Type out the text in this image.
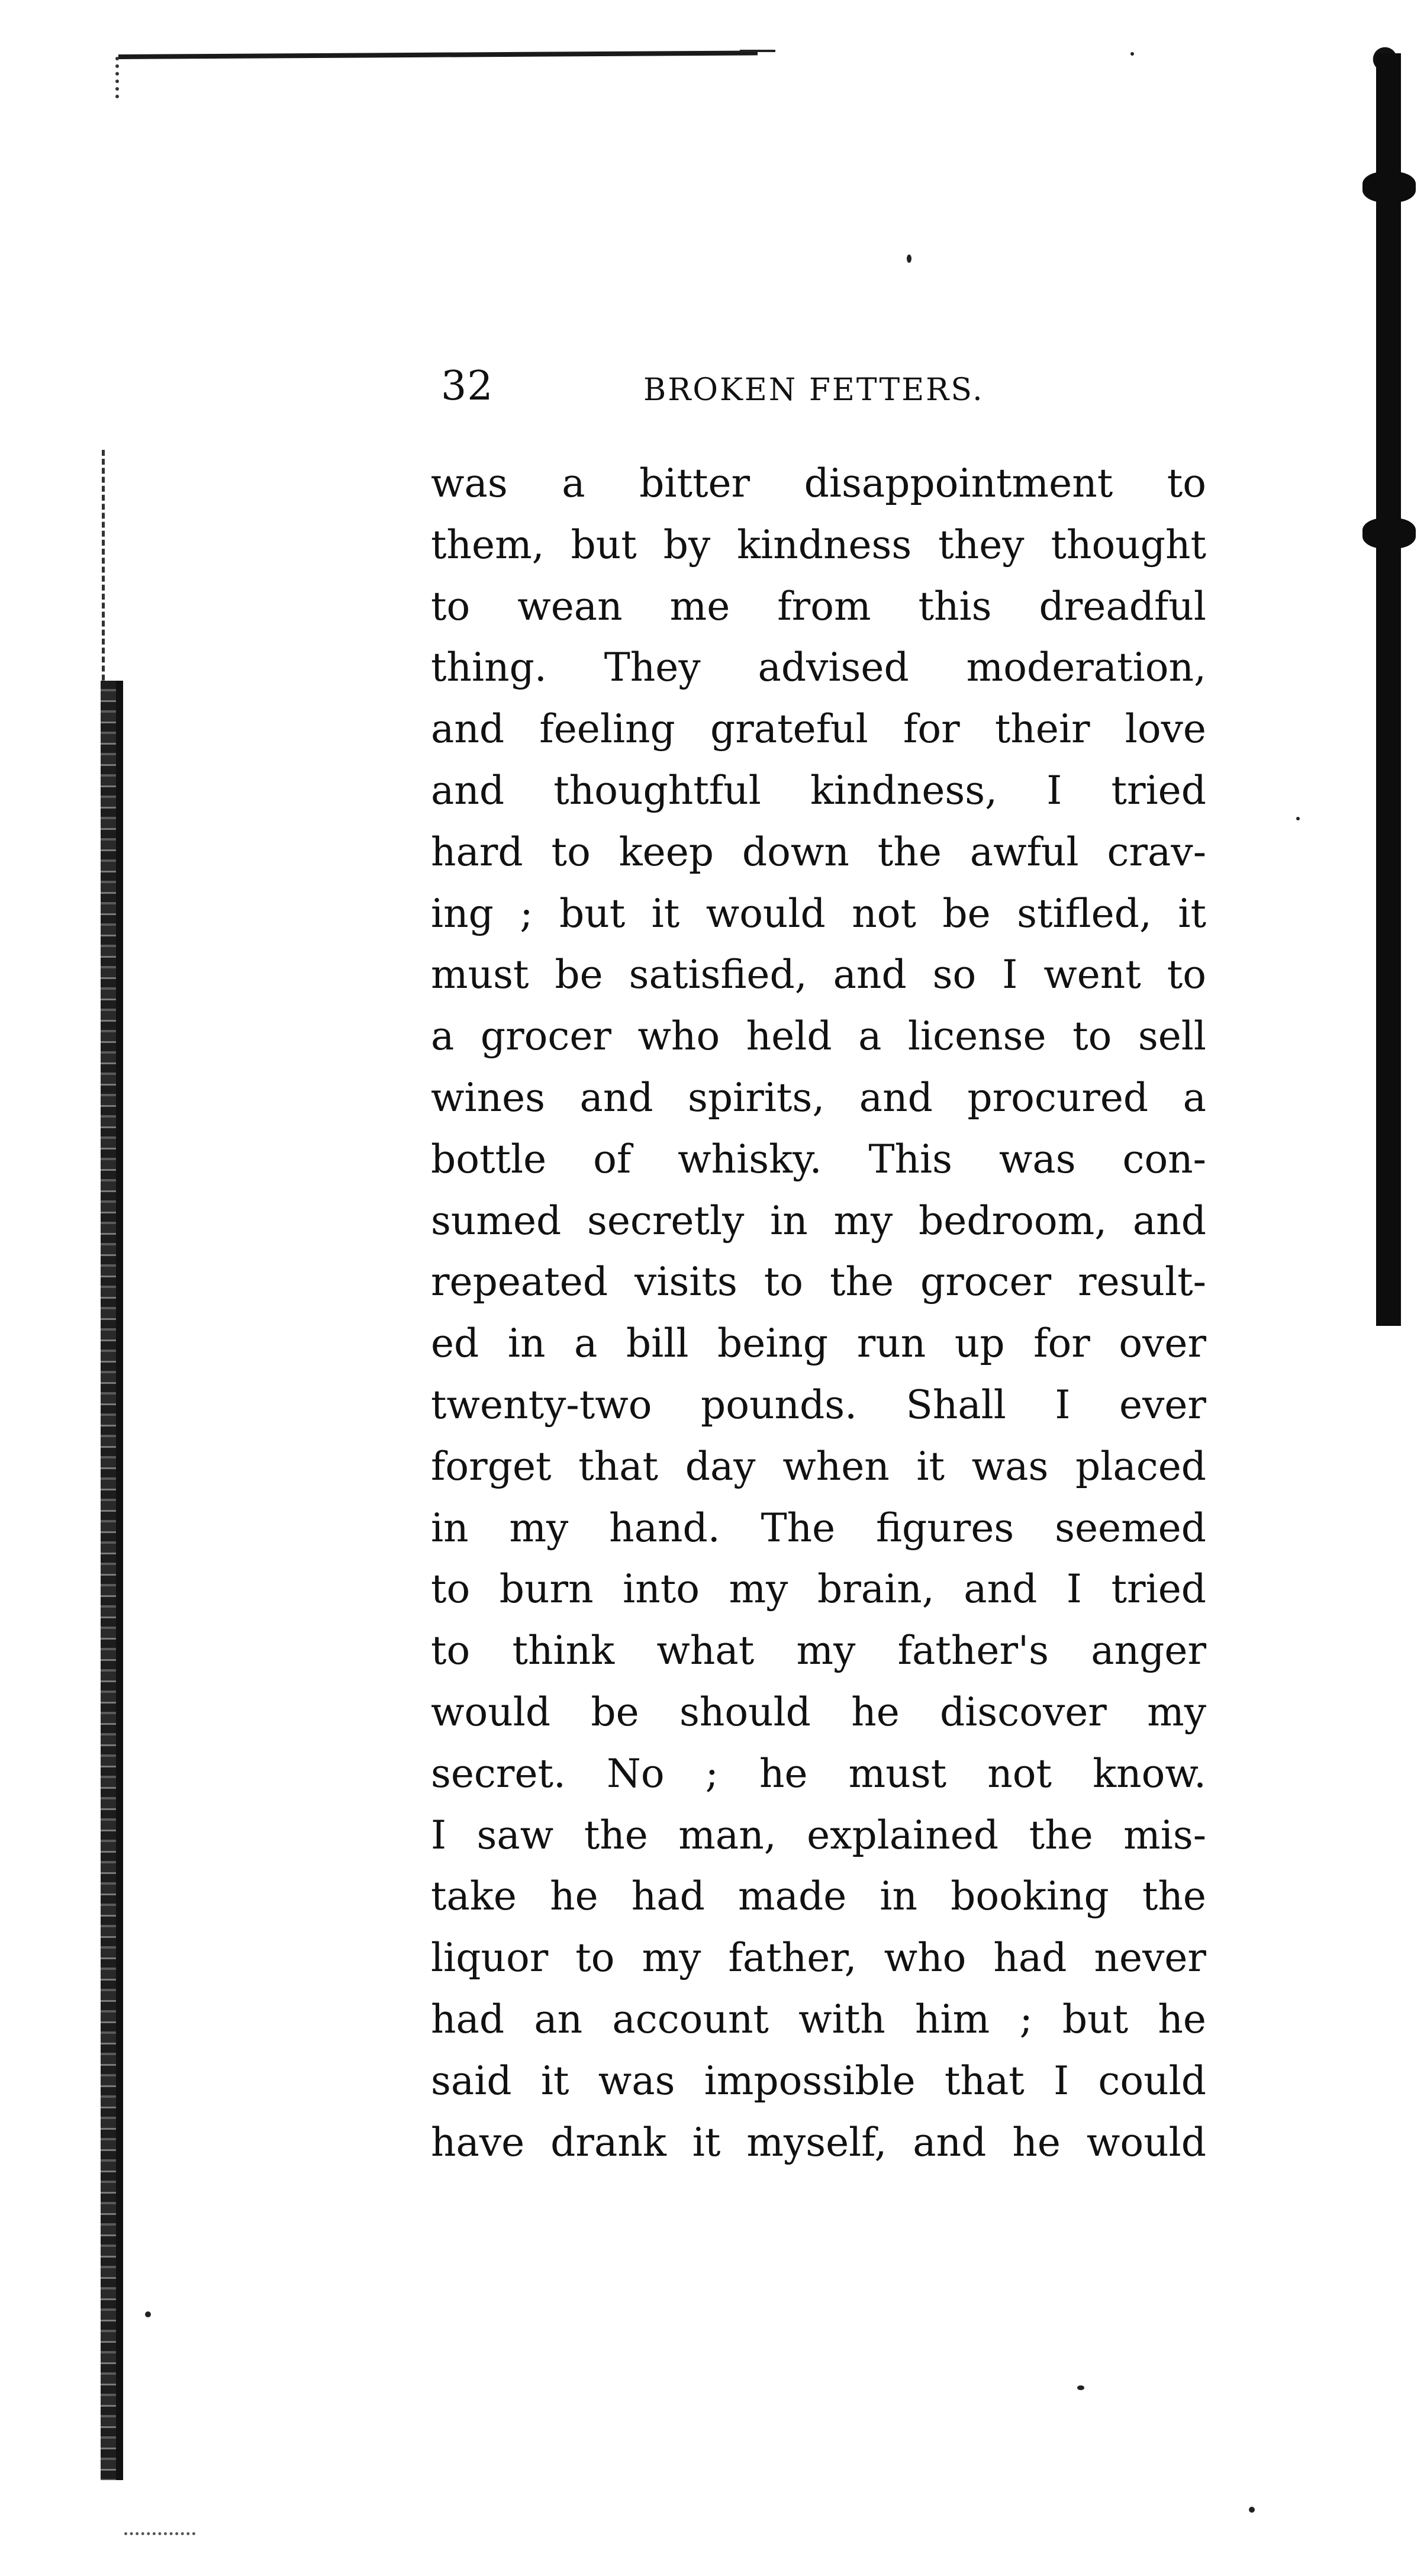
32	BROKEN FETTERS.
was a bitter disappointment to
them, but by kindness they thought
to wean me from this dreadful
thing. They advised moderation,
and feeling grateful for their love
and thoughtful kindness, I tried
hard to keep down the awful crav-
ing ; but it would not be stifled, it
must be satisfied, and so I went to
a grocer who held a license to sell
wines and spirits, and procured a
bottle of whisky. This was con-
sumed secretly in my bedroom, and
repeated visits to the grocer result-
ed in a bill being run up for over
twenty-two pounds. Shall I ever
forget that day when it was placed
in my hand. The figures seemed
to burn into my brain, and I tried
to think what my father's anger
would be should he discover my
secret. No ; he must not know.
I saw the man, explained the mis-
take he had made in booking the
liquor to my father, who had never
had an account with him ; but he
said it was impossible that I could
have drank it myself, and he would
